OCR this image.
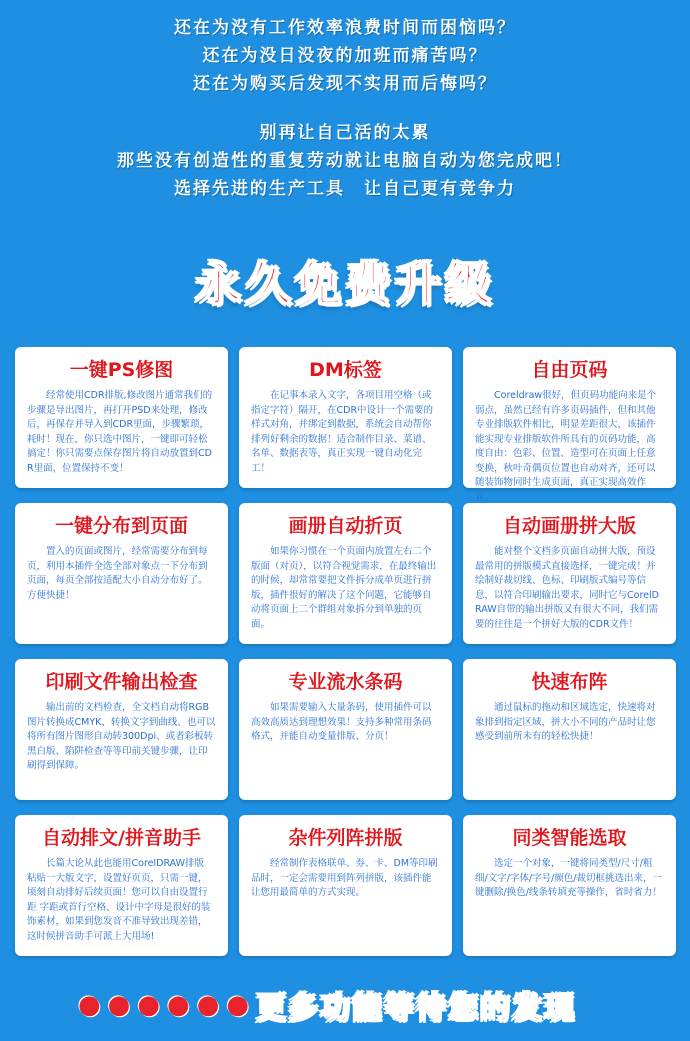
还在为没有工作效率浪费时间而困恼吗？
还在为没日没夜的加班而痛苦吗？
还在为购买后发现不实用而后悔吗？
别再让自己活的太累
那些没有创造性的重复劳动就让电脑自动为您完成吧！
选择先进的生产工具　让自己更有竞争力
永久免费升级
一键PS修图
经常使用CDR排版,修改图片通常我们的步骤是导出图片，再打开PSD来处理，修改后，再保存并导入到CDR里面，步骤繁琐，耗时！现在，你只选中图片，一键即可轻松搞定！你只需要点保存图片将自动放置到CDR里面，位置保持不变！
DM标签
在记事本录入文字，各项目用空格（或指定字符）隔开，在CDR中设计一个需要的样式对角，并绑定到数据，系统会自动帮你排列好剩余的数据！适合制作目录、菜谱、名单、数据表等，真正实现一键自动化完工！
自由页码
Coreldraw很好，但页码功能向来是个弱点，虽然已经有许多页码插件，但和其他专业排版软件相比，明显差距很大，该插件能实现专业排版软件所具有的页码功能，高度自由：色彩、位置、造型可在页面上任意变换，秋叶奇偶页位置也自动对齐，还可以随装饰物同时生成页面，真正实现高效作业。
一键分布到页面
置入的页面或图片，经常需要分布到每页，利用本插件全选全部对象点一下分布到页面，每页全部按适配大小自动分布好了。方便快捷！
画册自动折页
如果你习惯在一个页面内放置左右二个版面（对页），以符合视觉需求，在最终输出的时候，却常常要把文件拆分成单页进行拼版，插件很好的解决了这个问题，它能够自动将页面上二个群组对象拆分到单独的页面。
自动画册拼大版
能对整个文档多页面自动拼大版，预设最常用的拼版模式直接选择，一键完成！并绘制好裁切线、色标、印刷版式编号等信息，以符合印刷输出要求，同时它与CorelDRAW自带的输出拼版又有很大不同，我们需要的往往是一个拼好大版的CDR文件！
印刷文件输出检查
输出前的文档检查，全文档自动将RGB图片转换成CMYK、转换文字到曲线、也可以将所有图片图形自动转300Dpi、或者彩板转黑白版、陷阱检查等等印前关键步骤，让印刷得到保障。
专业流水条码
如果需要输入大量条码，使用插件可以高效高质达到理想效果！支持多种常用条码格式，并能自动变量排版、分页！
快速布阵
通过鼠标的拖动和区域选定，快速将对象排到指定区域，拼大小不同的产品时让您感受到前所未有的轻松快捷！
自动排文/拼音助手
长篇大论从此也能用CorelDRAW排版 粘贴一大版文字，设置好页页，只需一键，顷刻自动排好后续页面！您可以自由设置行距 字距或首行空格、设计中字母是很好的装饰素材，如果到您发音不准导致出现差错，这时候拼音助手可派上大用场!
杂件列阵拼版
经常制作表格联单、券、卡、DM等印刷品时，一定会需要用到阵列拼版，该插件能让您用最简单的方式实现。
同类智能选取
选定一个对象，一键将同类型/尺寸/粗细/文字/字体/字号/颜色/裁切框挑选出来，一键删除/换色/线条转填充等操作，省时省力！
●●●●●● 更多功能等待您的发现
